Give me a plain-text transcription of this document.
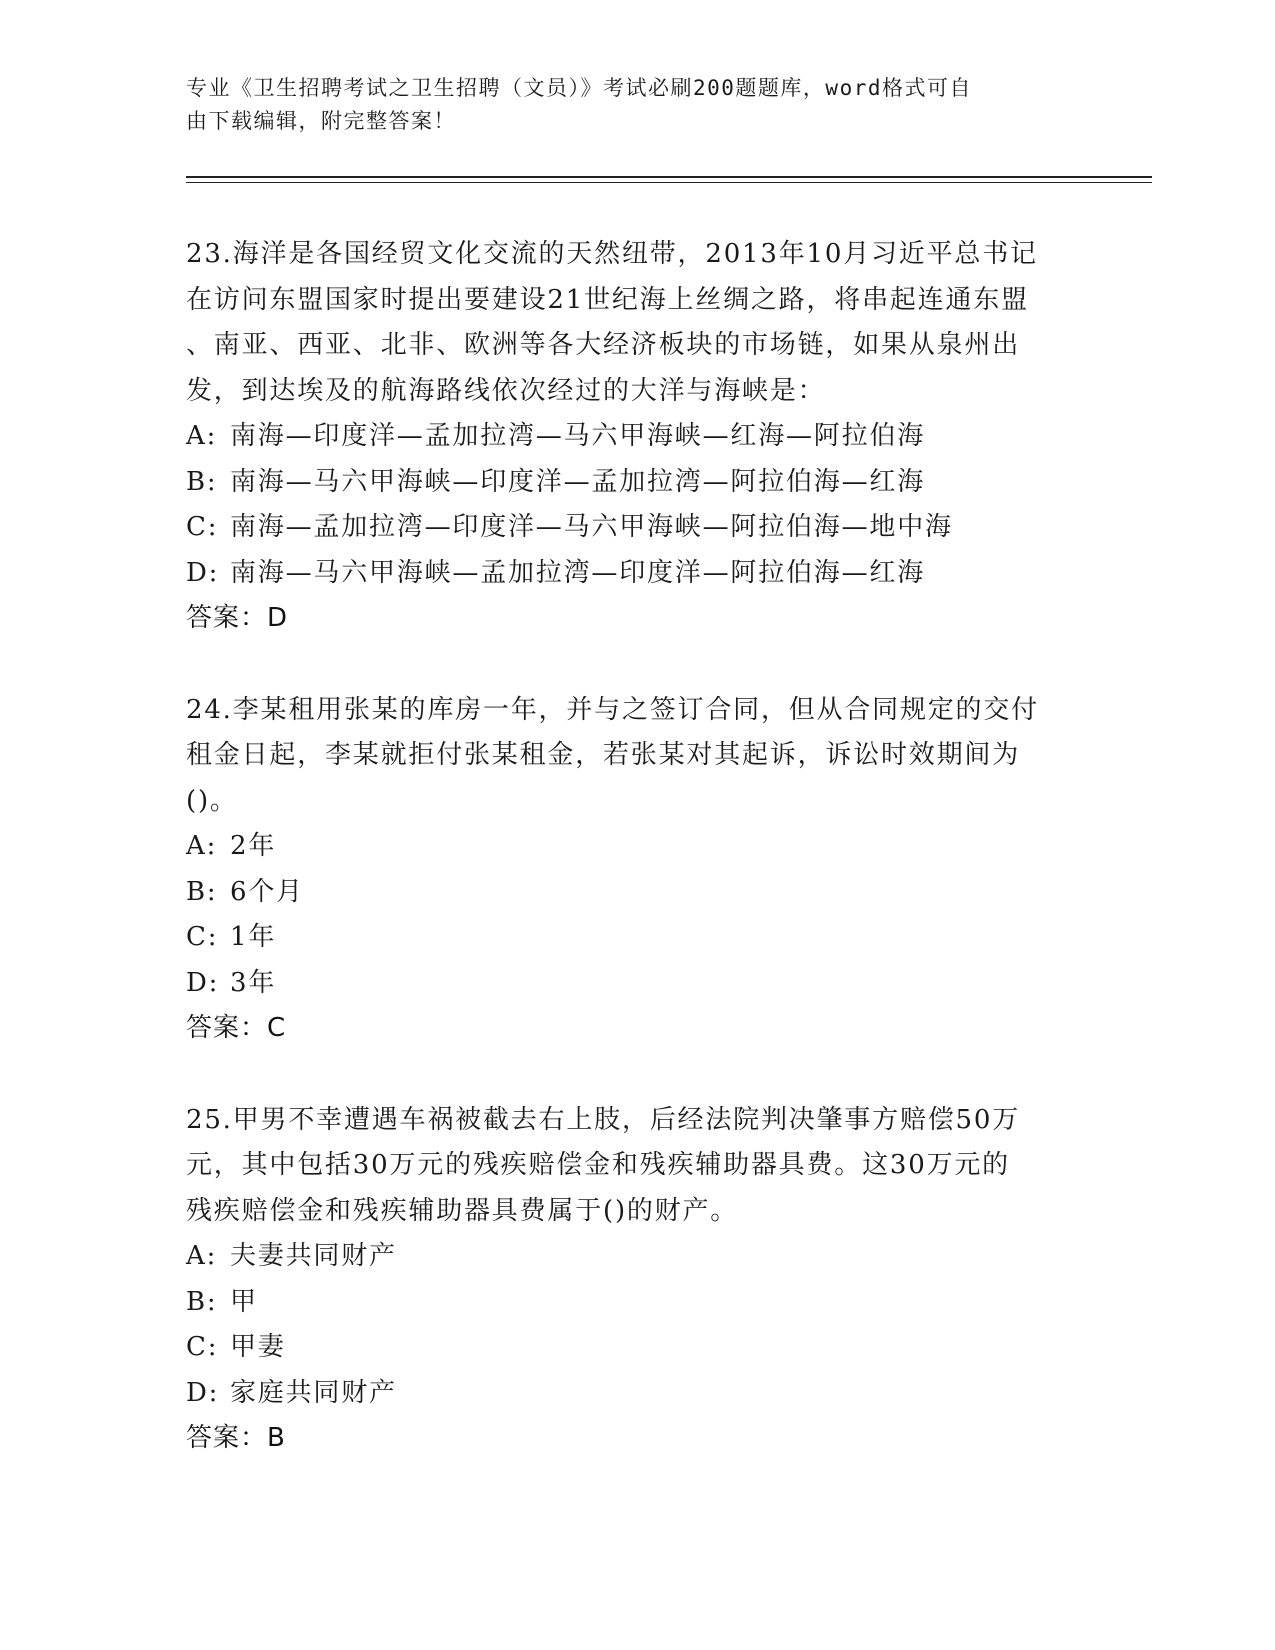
专业《卫生招聘考试之卫生招聘（文员）》考试必刷200题题库，word格式可自
由下载编辑，附完整答案！

23.海洋是各国经贸文化交流的天然纽带，2013年10月习近平总书记

在访问东盟国家时提出要建设21世纪海上丝绸之路，将串起连通东盟

、南亚、西亚、北非、欧洲等各大经济板块的市场链，如果从泉州出

发，到达埃及的航海路线依次经过的大洋与海峡是：

A: 南海—印度洋—孟加拉湾—马六甲海峡—红海—阿拉伯海

B: 南海—马六甲海峡—印度洋—孟加拉湾—阿拉伯海—红海

C: 南海—孟加拉湾—印度洋—马六甲海峡—阿拉伯海—地中海

D: 南海—马六甲海峡—孟加拉湾—印度洋—阿拉伯海—红海

答案：D

24.李某租用张某的库房一年，并与之签订合同，但从合同规定的交付

租金日起，李某就拒付张某租金，若张某对其起诉，诉讼时效期间为

()。

A: 2年

B: 6个月

C: 1年

D: 3年

答案：C

25.甲男不幸遭遇车祸被截去右上肢，后经法院判决肇事方赔偿50万

元，其中包括30万元的残疾赔偿金和残疾辅助器具费。这30万元的

残疾赔偿金和残疾辅助器具费属于()的财产。

A: 夫妻共同财产

B: 甲

C: 甲妻

D: 家庭共同财产

答案：B
